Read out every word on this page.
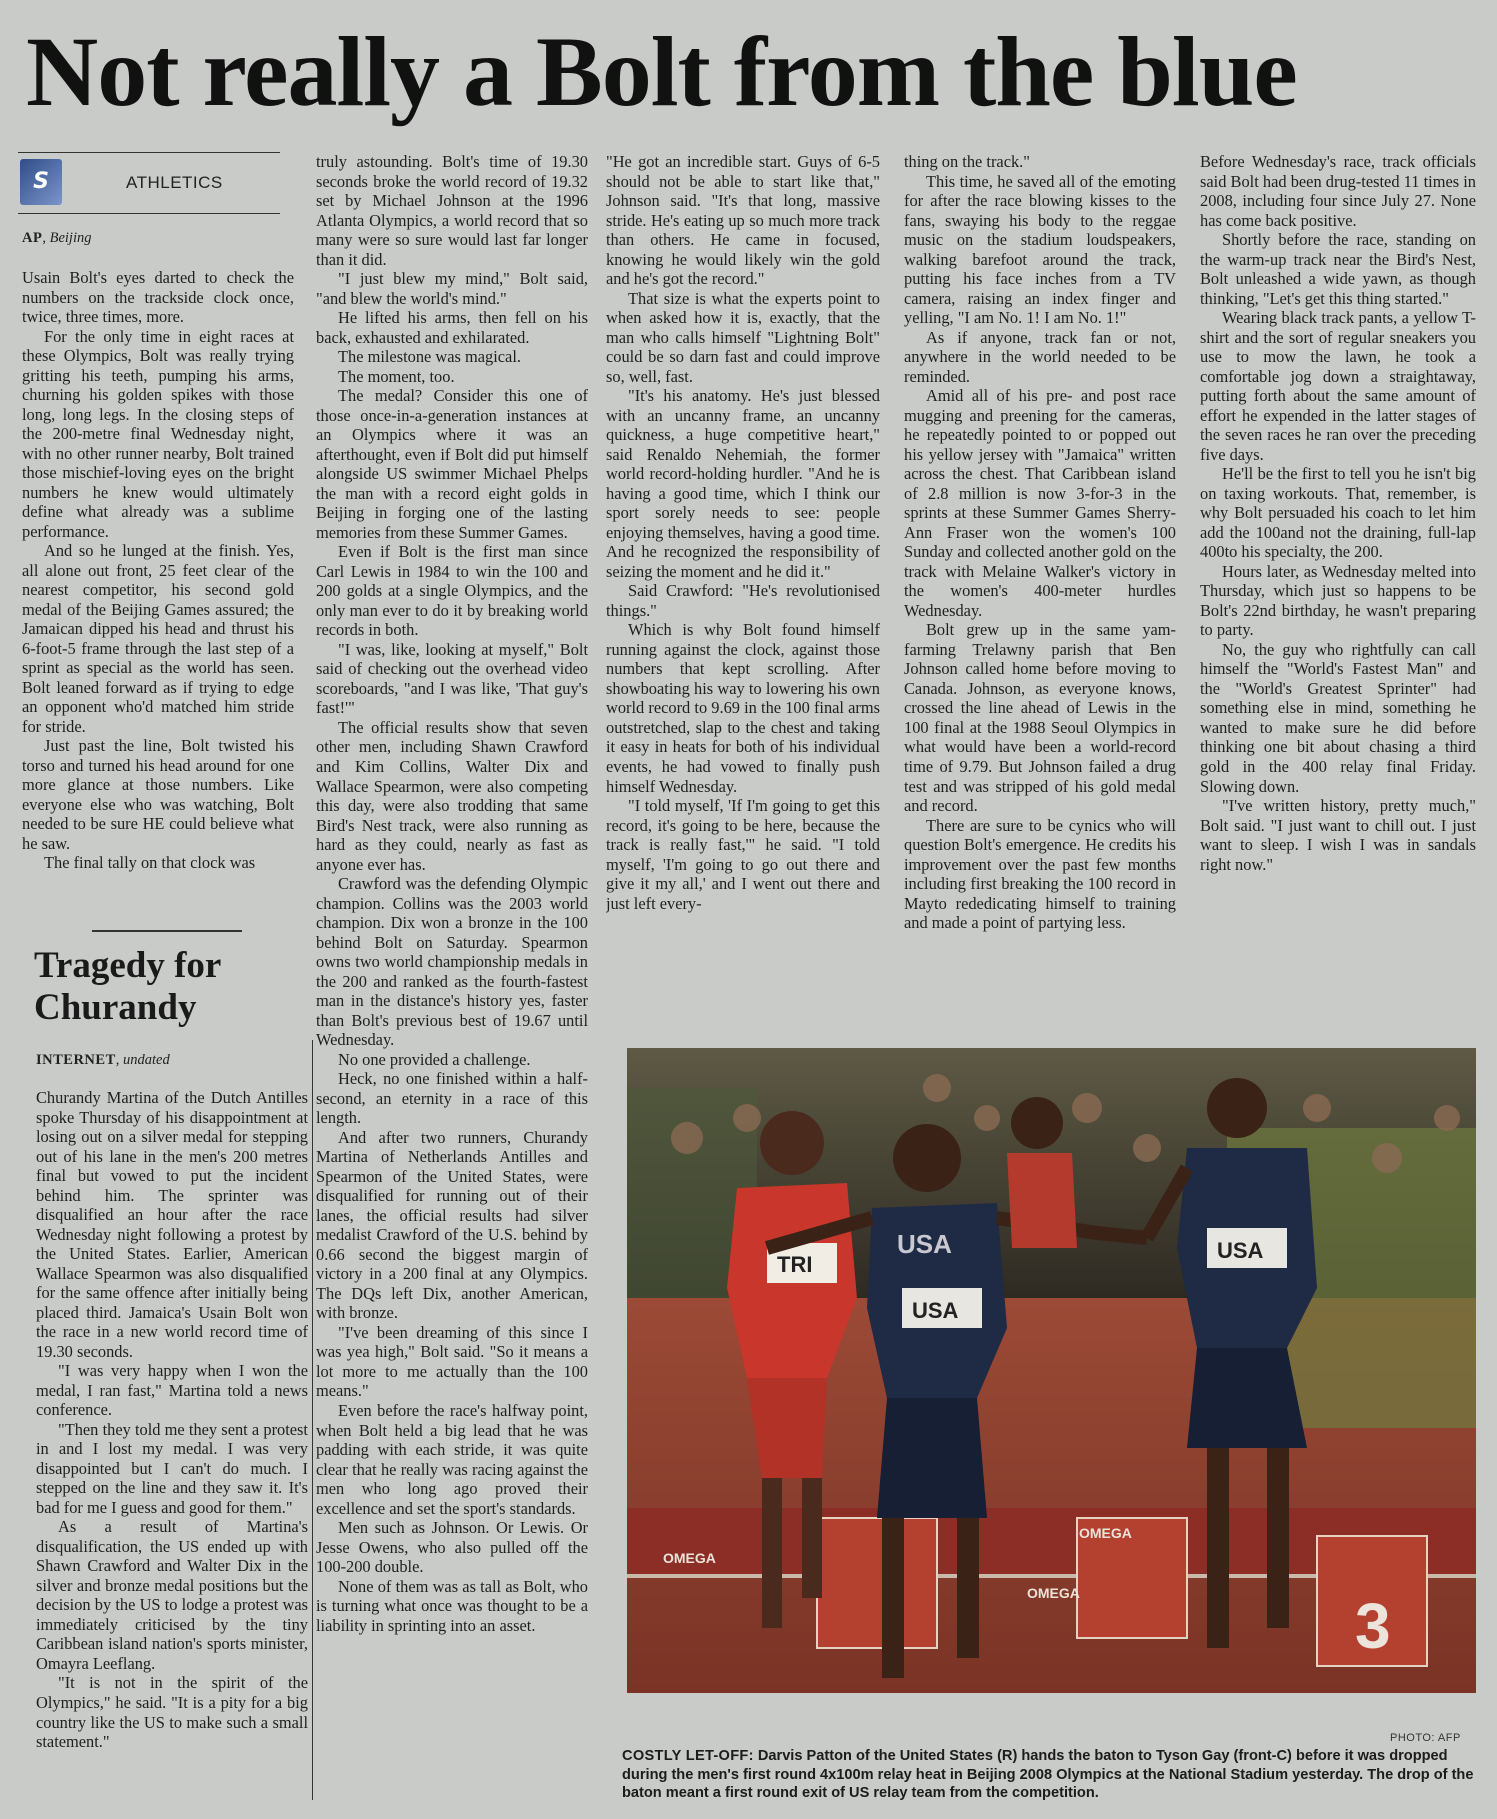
Not really a Bolt from the blue
S	ATHLETICS
AP, Beijing

Usain Bolt's eyes darted to check the numbers on the trackside clock once, twice, three times, more.

For the only time in eight races at these Olympics, Bolt was really trying gritting his teeth, pumping his arms, churning his golden spikes with those long, long legs. In the closing steps of the 200-metre final Wednesday night, with no other runner nearby, Bolt trained those mischief-loving eyes on the bright numbers he knew would ultimately define what already was a sublime performance.

And so he lunged at the finish. Yes, all alone out front, 25 feet clear of the nearest competitor, his second gold medal of the Beijing Games assured; the Jamaican dipped his head and thrust his 6-foot-5 frame through the last step of a sprint as special as the world has seen. Bolt leaned forward as if trying to edge an opponent who'd matched him stride for stride.

Just past the line, Bolt twisted his torso and turned his head around for one more glance at those numbers. Like everyone else who was watching, Bolt needed to be sure HE could believe what he saw.

The final tally on that clock was

Tragedy for Churandy
INTERNET, undated

Churandy Martina of the Dutch Antilles spoke Thursday of his disappointment at losing out on a silver medal for stepping out of his lane in the men's 200 metres final but vowed to put the incident behind him. The sprinter was disqualified an hour after the race Wednesday night following a protest by the United States. Earlier, American Wallace Spearmon was also disqualified for the same offence after initially being placed third. Jamaica's Usain Bolt won the race in a new world record time of 19.30 seconds.

"I was very happy when I won the medal, I ran fast," Martina told a news conference.

"Then they told me they sent a protest in and I lost my medal. I was very disappointed but I can't do much. I stepped on the line and they saw it. It's bad for me I guess and good for them."

As a result of Martina's disqualification, the US ended up with Shawn Crawford and Walter Dix in the silver and bronze medal positions but the decision by the US to lodge a protest was immediately criticised by the tiny Caribbean island nation's sports minister, Omayra Leeflang.

"It is not in the spirit of the Olympics," he said. "It is a pity for a big country like the US to make such a small statement."

truly astounding. Bolt's time of 19.30 seconds broke the world record of 19.32 set by Michael Johnson at the 1996 Atlanta Olympics, a world record that so many were so sure would last far longer than it did.

"I just blew my mind," Bolt said, "and blew the world's mind."

He lifted his arms, then fell on his back, exhausted and exhilarated.

The milestone was magical.

The moment, too.

The medal? Consider this one of those once-in-a-generation instances at an Olympics where it was an afterthought, even if Bolt did put himself alongside US swimmer Michael Phelps the man with a record eight golds in Beijing in forging one of the lasting memories from these Summer Games.

Even if Bolt is the first man since Carl Lewis in 1984 to win the 100 and 200 golds at a single Olympics, and the only man ever to do it by breaking world records in both.

"I was, like, looking at myself," Bolt said of checking out the overhead video scoreboards, "and I was like, 'That guy's fast!'"

The official results show that seven other men, including Shawn Crawford and Kim Collins, Walter Dix and Wallace Spearmon, were also competing this day, were also trodding that same Bird's Nest track, were also running as hard as they could, nearly as fast as anyone ever has.

Crawford was the defending Olympic champion. Collins was the 2003 world champion. Dix won a bronze in the 100 behind Bolt on Saturday. Spearmon owns two world championship medals in the 200 and ranked as the fourth-fastest man in the distance's history yes, faster than Bolt's previous best of 19.67 until Wednesday.

No one provided a challenge.

Heck, no one finished within a half-second, an eternity in a race of this length.

And after two runners, Churandy Martina of Netherlands Antilles and Spearmon of the United States, were disqualified for running out of their lanes, the official results had silver medalist Crawford of the U.S. behind by 0.66 second the biggest margin of victory in a 200 final at any Olympics. The DQs left Dix, another American, with bronze.

"I've been dreaming of this since I was yea high," Bolt said. "So it means a lot more to me actually than the 100 means."

Even before the race's halfway point, when Bolt held a big lead that he was padding with each stride, it was quite clear that he really was racing against the men who long ago proved their excellence and set the sport's standards.

Men such as Johnson. Or Lewis. Or Jesse Owens, who also pulled off the 100-200 double.

None of them was as tall as Bolt, who is turning what once was thought to be a liability in sprinting into an asset.

"He got an incredible start. Guys of 6-5 should not be able to start like that," Johnson said. "It's that long, massive stride. He's eating up so much more track than others. He came in focused, knowing he would likely win the gold and he's got the record."

That size is what the experts point to when asked how it is, exactly, that the man who calls himself "Lightning Bolt" could be so darn fast and could improve so, well, fast.

"It's his anatomy. He's just blessed with an uncanny frame, an uncanny quickness, a huge competitive heart," said Renaldo Nehemiah, the former world record-holding hurdler. "And he is having a good time, which I think our sport sorely needs to see: people enjoying themselves, having a good time. And he recognized the responsibility of seizing the moment and he did it."

Said Crawford: "He's revolutionised things."

Which is why Bolt found himself running against the clock, against those numbers that kept scrolling. After showboating his way to lowering his own world record to 9.69 in the 100 final arms outstretched, slap to the chest and taking it easy in heats for both of his individual events, he had vowed to finally push himself Wednesday.

"I told myself, 'If I'm going to get this record, it's going to be here, because the track is really fast,'" he said. "I told myself, 'I'm going to go out there and give it my all,' and I went out there and just left every-

thing on the track."

This time, he saved all of the emoting for after the race blowing kisses to the fans, swaying his body to the reggae music on the stadium loudspeakers, walking barefoot around the track, putting his face inches from a TV camera, raising an index finger and yelling, "I am No. 1! I am No. 1!"

As if anyone, track fan or not, anywhere in the world needed to be reminded.

Amid all of his pre- and post race mugging and preening for the cameras, he repeatedly pointed to or popped out his yellow jersey with "Jamaica" written across the chest. That Caribbean island of 2.8 million is now 3-for-3 in the sprints at these Summer Games Sherry-Ann Fraser won the women's 100 Sunday and collected another gold on the track with Melaine Walker's victory in the women's 400-meter hurdles Wednesday.

Bolt grew up in the same yam-farming Trelawny parish that Ben Johnson called home before moving to Canada. Johnson, as everyone knows, crossed the line ahead of Lewis in the 100 final at the 1988 Seoul Olympics in what would have been a world-record time of 9.79. But Johnson failed a drug test and was stripped of his gold medal and record.

There are sure to be cynics who will question Bolt's emergence. He credits his improvement over the past few months including first breaking the 100 record in Mayto rededicating himself to training and made a point of partying less.

Before Wednesday's race, track officials said Bolt had been drug-tested 11 times in 2008, including four since July 27. None has come back positive.

Shortly before the race, standing on the warm-up track near the Bird's Nest, Bolt unleashed a wide yawn, as though thinking, "Let's get this thing started."

Wearing black track pants, a yellow T-shirt and the sort of regular sneakers you use to mow the lawn, he took a comfortable jog down a straightaway, putting forth about the same amount of effort he expended in the latter stages of the seven races he ran over the preceding five days.

He'll be the first to tell you he isn't big on taxing workouts. That, remember, is why Bolt persuaded his coach to let him add the 100and not the draining, full-lap 400to his specialty, the 200.

Hours later, as Wednesday melted into Thursday, which just so happens to be Bolt's 22nd birthday, he wasn't preparing to party.

No, the guy who rightfully can call himself the "World's Fastest Man" and the "World's Greatest Sprinter" had something else in mind, something he wanted to make sure he did before thinking one bit about chasing a third gold in the 400 relay final Friday. Slowing down.

"I've written history, pretty much," Bolt said. "I just want to chill out. I just want to sleep. I wish I was in sandals right now."

OMEGA
OMEGA
OMEGA	3
TRI
USA
USA	USA
PHOTO: AFP
COSTLY LET-OFF: Darvis Patton of the United States (R) hands the baton to Tyson Gay (front-C) before it was dropped during the men's first round 4x100m relay heat in Beijing 2008 Olympics at the National Stadium yesterday. The drop of the baton meant a first round exit of US relay team from the competition.
